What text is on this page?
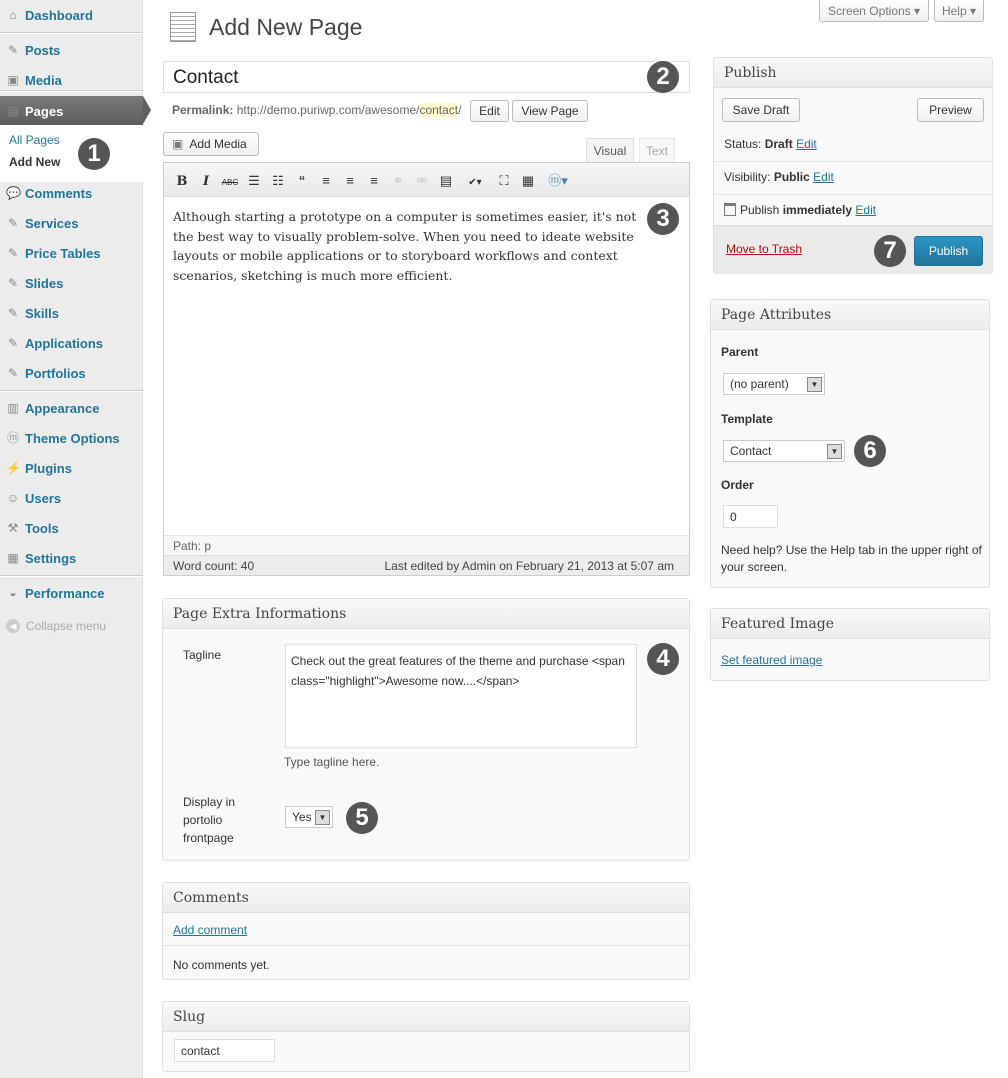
⌂ Dashboard
✎ Posts
▣ Media
▤ Pages
💬 Comments
✎ Services
✎ Price Tables
✎ Slides
✎ Skills
✎ Applications
✎ Portfolios
▥ Appearance
ⓜ Theme Options
⚡ Plugins
☺ Users
⚒ Tools
▦ Settings
◒ Performance
All Pages
Add New
◀ Collapse menu
1
Add New Page
Screen Options ▾	Help ▾
Contact	2
Permalink: http://demo.puriwp.com/awesome/contact/	Edit	View Page
▣ Add Media	Visual	Text
B I ABC ☰ ☷ “ ≡ ≡ ≡ ⚭ ⚮ ▤ ✔▾ ⛶ ▦ ⓜ▾
Although starting a prototype on a computer is sometimes easier, it's not the best way to visually problem-solve. When you need to ideate website layouts or mobile applications or to storyboard workflows and context scenarios, sketching is much more efficient.
Path: p
Word count: 40	Last edited by Admin on February 21, 2013 at 5:07 am
3
Page Extra Informations
Tagline	Check out the great features of the theme and purchase <span class="highlight">Awesome now....</span>
Type tagline here.
Display in portolio frontpage
Yes ▼
4
5
Comments
Add comment
No comments yet.
Slug
contact
Publish
Save Draft	Preview
Status: Draft Edit
Visibility: Public Edit
Publish immediately Edit
Move to Trash	Publish
7
Page Attributes
Parent
(no parent)	▼
Template
Contact	▼
Order
0
Need help? Use the Help tab in the upper right of your screen.
6
Featured Image
Set featured image
